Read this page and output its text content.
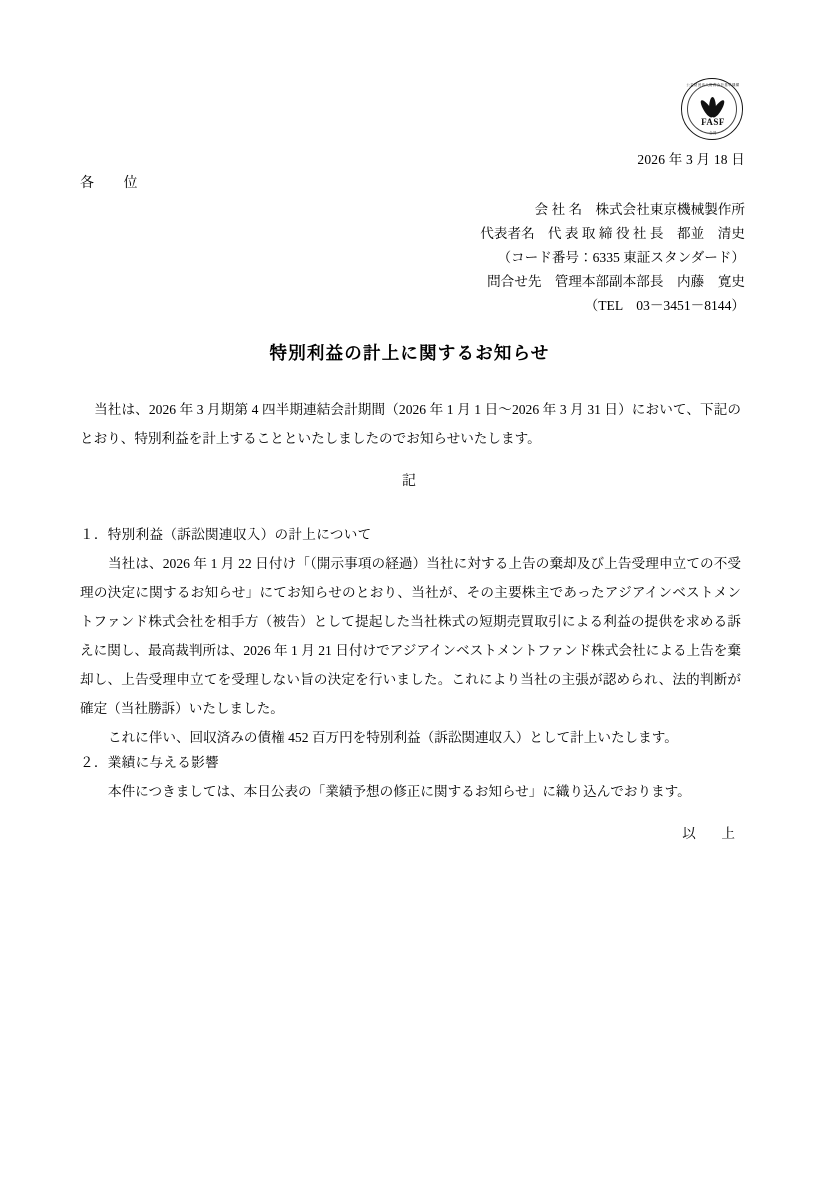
公益財団法人財務会計基準機構
FASF
会員
2026 年 3 月 18 日
各　　位
会 社 名 株式会社東京機械製作所
代表者名 代 表 取 締 役 社 長　都並　清史
（コード番号：6335 東証スタンダード）
問合せ先 管理本部副本部長　内藤　寛史
（TEL　03－3451－8144）
特別利益の計上に関するお知らせ
当社は、2026 年 3 月期第 4 四半期連結会計期間（2026 年 1 月 1 日～2026 年 3 月 31 日）において、下記のとおり、特別利益を計上することといたしましたのでお知らせいたします。
記
１．特別利益（訴訟関連収入）の計上について
当社は、2026 年 1 月 22 日付け「（開示事項の経過）当社に対する上告の棄却及び上告受理申立ての不受理の決定に関するお知らせ」にてお知らせのとおり、当社が、その主要株主であったアジアインベストメントファンド株式会社を相手方（被告）として提起した当社株式の短期売買取引による利益の提供を求める訴えに関し、最高裁判所は、2026 年 1 月 21 日付けでアジアインベストメントファンド株式会社による上告を棄却し、上告受理申立てを受理しない旨の決定を行いました。これにより当社の主張が認められ、法的判断が確定（当社勝訴）いたしました。
これに伴い、回収済みの債権 452 百万円を特別利益（訴訟関連収入）として計上いたします。
２．業績に与える影響
本件につきましては、本日公表の「業績予想の修正に関するお知らせ」に織り込んでおります。
以　上
